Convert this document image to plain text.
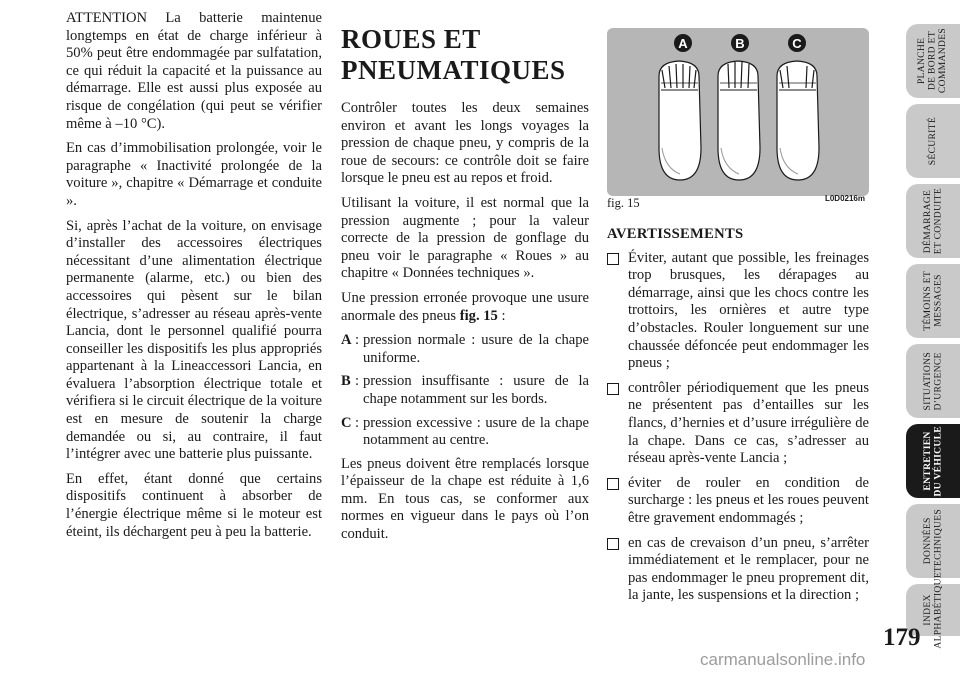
ATTENTION La batterie maintenue longtemps en état de charge inférieur à 50% peut être endommagée par sulfatation, ce qui réduit la capacité et la puissance au démarrage. Elle est aussi plus exposée au risque de congélation (qui peut se vérifier même à –10 °C).

En cas d’immobilisation prolongée, voir le paragraphe « Inactivité prolongée de la voiture », chapitre « Démarrage et conduite ».

Si, après l’achat de la voiture, on envisage d’installer des accessoires électriques nécessitant d’une alimentation électrique permanente (alarme, etc.) ou bien des accessoires qui pèsent sur le bilan électrique, s’adresser au réseau après-vente Lancia, dont le personnel qualifié pourra conseiller les dispositifs les plus appropriés appartenant à la Lineaccessori Lancia, en évaluera l’absorption électrique totale et vérifiera si le circuit électrique de la voiture est en mesure de soutenir la charge demandée ou si, au contraire, il faut l’intégrer avec une batterie plus puissante.

En effet, étant donné que certains dispositifs continuent à absorber de l’énergie électrique même si le moteur est éteint, ils déchargent peu à peu la batterie.

ROUES ET
PNEUMATIQUES

Contrôler toutes les deux semaines environ et avant les longs voyages la pression de chaque pneu, y compris de la roue de secours: ce contrôle doit se faire lorsque le pneu est au repos et froid.

Utilisant la voiture, il est normal que la pression augmente ; pour la valeur correcte de la pression de gonflage du pneu voir le paragraphe « Roues » au chapitre « Données techniques ».

Une pression erronée provoque une usure anormale des pneus fig. 15 :

A : pression normale : usure de la chape uniforme.
B : pression insuffisante : usure de la chape notamment sur les bords.
C : pression excessive : usure de la chape notamment au centre.

Les pneus doivent être remplacés lorsque l’épaisseur de la chape est réduite à 1,6 mm. En tous cas, se conformer aux normes en vigueur dans le pays où l’on conduit.

A	B	C
fig. 15	L0D0216m
AVERTISSEMENTS
Éviter, autant que possible, les freinages trop brusques, les dérapages au démarrage, ainsi que les chocs contre les trottoirs, les ornières et autre type d’obstacles. Rouler longuement sur une chaussée défoncée peut endommager les pneus ;
contrôler périodiquement que les pneus ne présentent pas d’entailles sur les flancs, d’hernies et d’usure irrégulière de la chape. Dans ce cas, s’adresser au réseau après-vente Lancia ;
éviter de rouler en condition de surcharge : les pneus et les roues peuvent être gravement endommagés ;
en cas de crevaison d’un pneu, s’arrêter immédiatement et le remplacer, pour ne pas endommager le pneu proprement dit, la jante, les suspensions et la direction ;
PLANCHE
DE BORD ET
COMMANDES
SÉCURITÉ
DÉMARRAGE
ET CONDUITE
TÉMOINS ET
MESSAGES
SITUATIONS
D’URGENCE
ENTRETIEN
DU VÉHICULE
DONNÉES
TECHNIQUES
INDEX
ALPHABÉTIQUE
179
carmanualsonline.info
